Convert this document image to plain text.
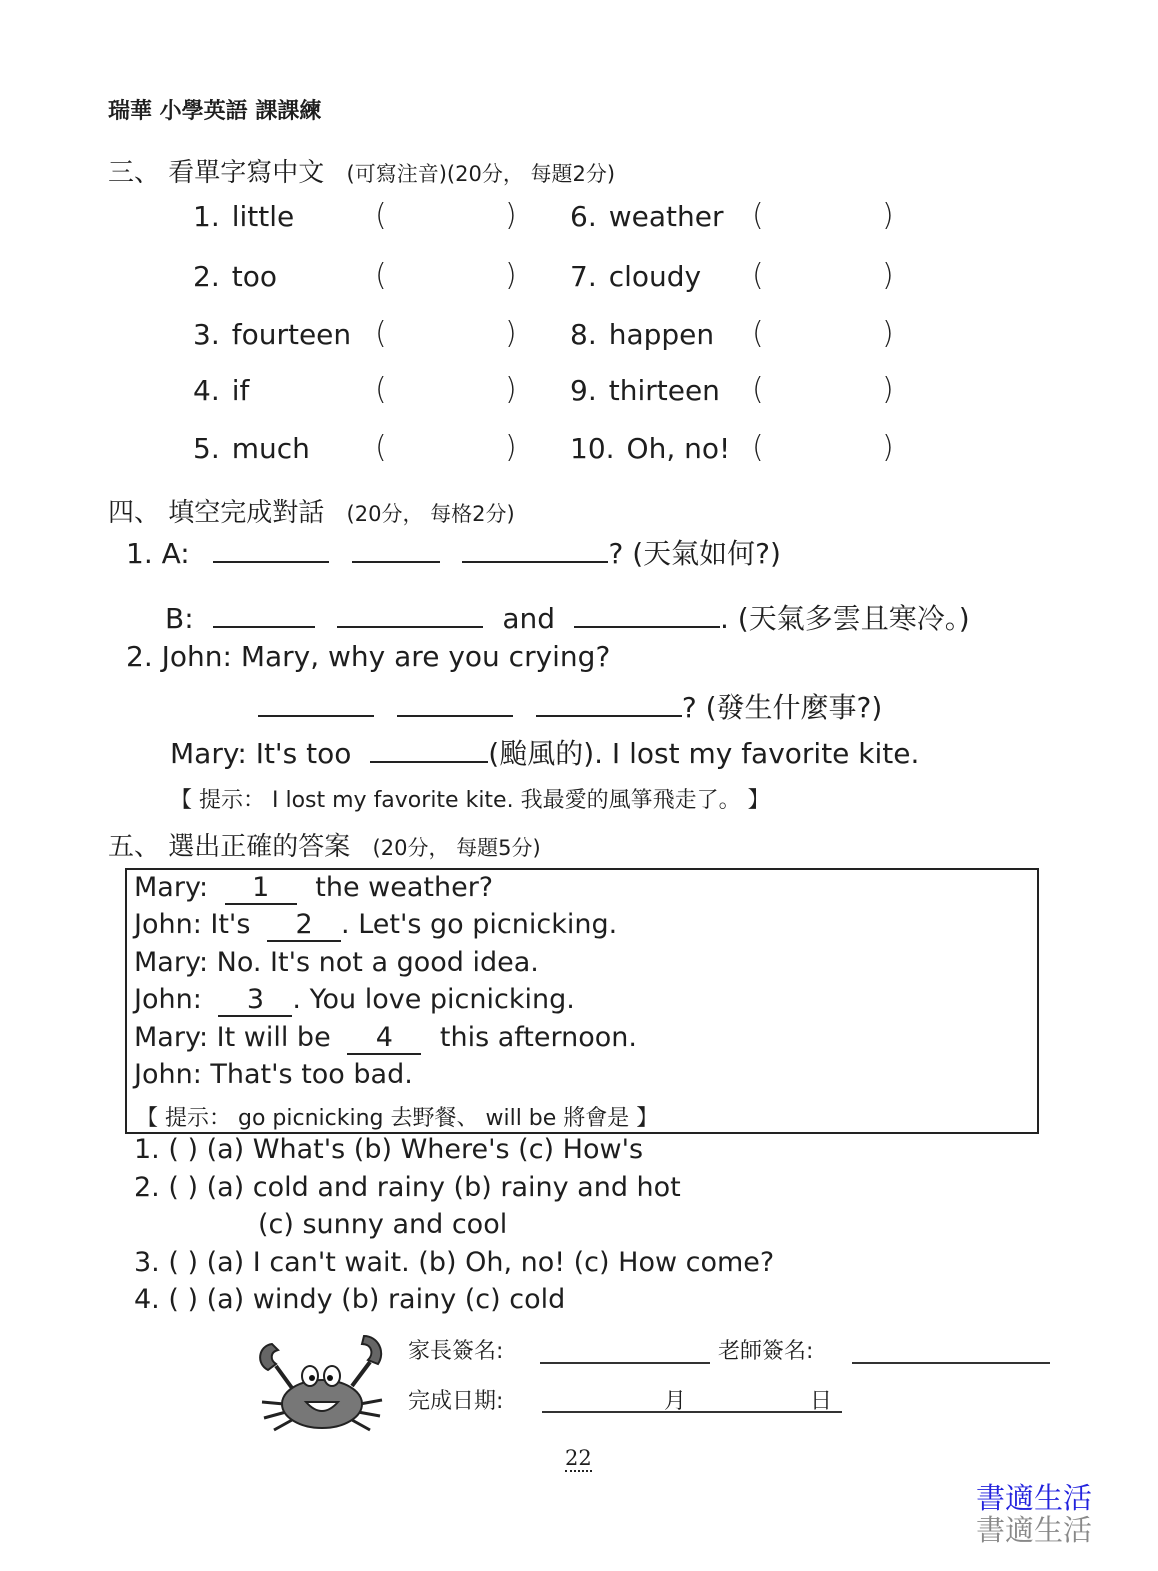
瑞華 小學英語 課課練
三、 看單字寫中文 (可寫注音)(20分， 每題2分)
1. little	(	)
2. too	(	)
3. fourteen (	)
4. if	(	)
5. much (	)
6. weather (	)
7. cloudy (	)
8. happen (	)
9. thirteen (	)
10. Oh, no! (	)
四、 填空完成對話 (20分， 每格2分)
1. A:	? (天氣如何?)
B:	and	. (天氣多雲且寒冷。)
2. John: Mary, why are you crying?
? (發生什麼事?)
Mary: It's too	(颱風的). I lost my favorite kite.
【 提示： I lost my favorite kite. 我最愛的風箏飛走了。 】
五、 選出正確的答案 (20分， 每題5分)
Mary: 1 the weather?
John: It's 2 . Let's go picnicking.
Mary: No. It's not a good idea.
John: 3 . You love picnicking.
Mary: It will be 4 this afternoon.
John: That's too bad.
【 提示： go picnicking 去野餐、 will be 將會是 】
1. ( ) (a) What's (b) Where's (c) How's
2. ( ) (a) cold and rainy (b) rainy and hot
(c) sunny and cool
3. ( ) (a) I can't wait. (b) Oh, no! (c) How come?
4. ( ) (a) windy (b) rainy (c) cold
家長簽名:	老師簽名:
完成日期:	月	日
22
書適生活
書適生活
